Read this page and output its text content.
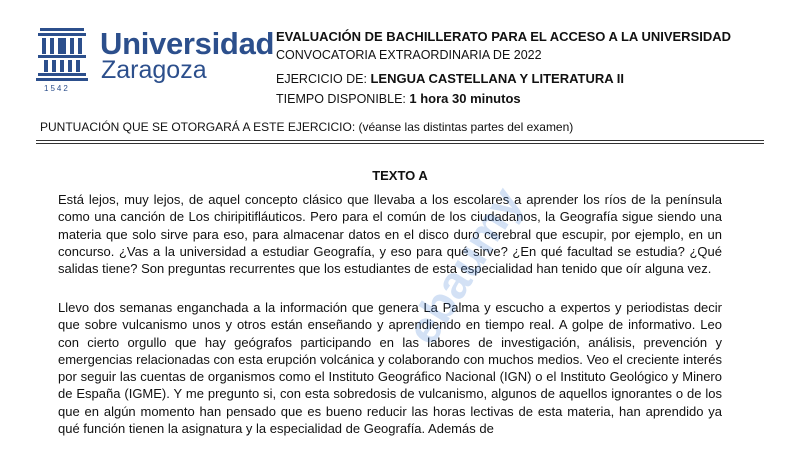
Universidad
Zaragoza
1542
EVALUACIÓN DE BACHILLERATO PARA EL ACCESO A LA UNIVERSIDAD
CONVOCATORIA EXTRAORDINARIA DE 2022
EJERCICIO DE: LENGUA CASTELLANA Y LITERATURA II
TIEMPO DISPONIBLE: 1 hora 30 minutos
PUNTUACIÓN QUE SE OTORGARÁ A ESTE EJERCICIO: (véanse las distintas partes del examen)
TEXTO A
Está lejos, muy lejos, de aquel concepto clásico que llevaba a los escolares a aprender los ríos de la península como una canción de Los chiripitifláuticos. Pero para el común de los ciudadanos, la Geografía sigue siendo una materia que solo sirve para eso, para almacenar datos en el disco duro cerebral que escupir, por ejemplo, en un concurso. ¿Vas a la universidad a estudiar Geografía, y eso para qué sirve? ¿En qué facultad se estudia? ¿Qué salidas tiene? Son preguntas recurrentes que los estudiantes de esta especialidad han tenido que oír alguna vez.
Llevo dos semanas enganchada a la información que genera La Palma y escucho a expertos y periodistas decir que sobre vulcanismo unos y otros están enseñando y aprendiendo en tiempo real. A golpe de informativo. Leo con cierto orgullo que hay geógrafos participando en las labores de investigación, análisis, prevención y emergencias relacionadas con esta erupción volcánica y colaborando con muchos medios. Veo el creciente interés por seguir las cuentas de organismos como el Instituto Geográfico Nacional (IGN) o el Instituto Geológico y Minero de España (IGME). Y me pregunto si, con esta sobredosis de vulcanismo, algunos de aquellos ignorantes o de los que en algún momento han pensado que es bueno reducir las horas lectivas de esta materia, han aprendido ya qué función tienen la asignatura y la especialidad de Geografía. Además de
ebaumy
